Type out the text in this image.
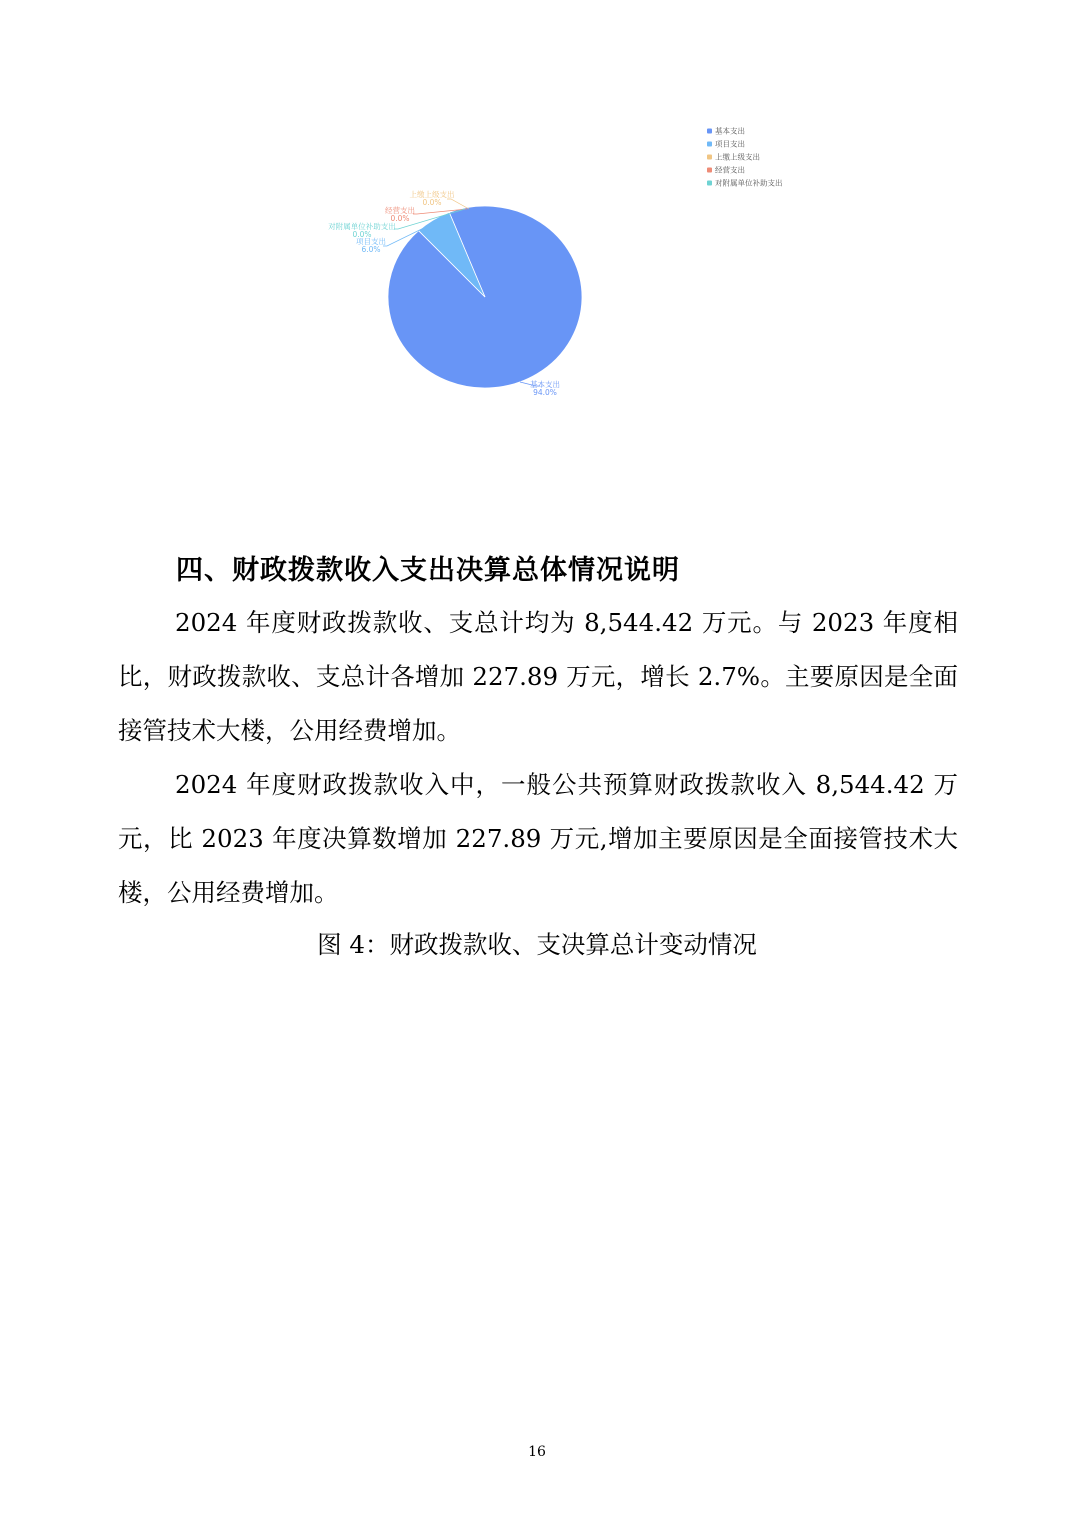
基本支出
94.0%
项目支出
6.0%
上缴上级支出
0.0%
经营支出
0.0%
对附属单位补助支出
0.0%
基本支出
项目支出
上缴上级支出
经营支出
对附属单位补助支出
四、财政拨款收入支出决算总体情况说明
2024 年度财政拨款收、支总计均为 8,544.42 万元。与 2023 年度相比，财政拨款收、支总计各增加 227.89 万元，增长 2.7%。主要原因是全面接管技术大楼，公用经费增加。
2024 年度财政拨款收入中，一般公共预算财政拨款收入 8,544.42 万元，比 2023 年度决算数增加 227.89 万元,增加主要原因是全面接管技术大楼，公用经费增加。
图 4：财政拨款收、支决算总计变动情况
16
